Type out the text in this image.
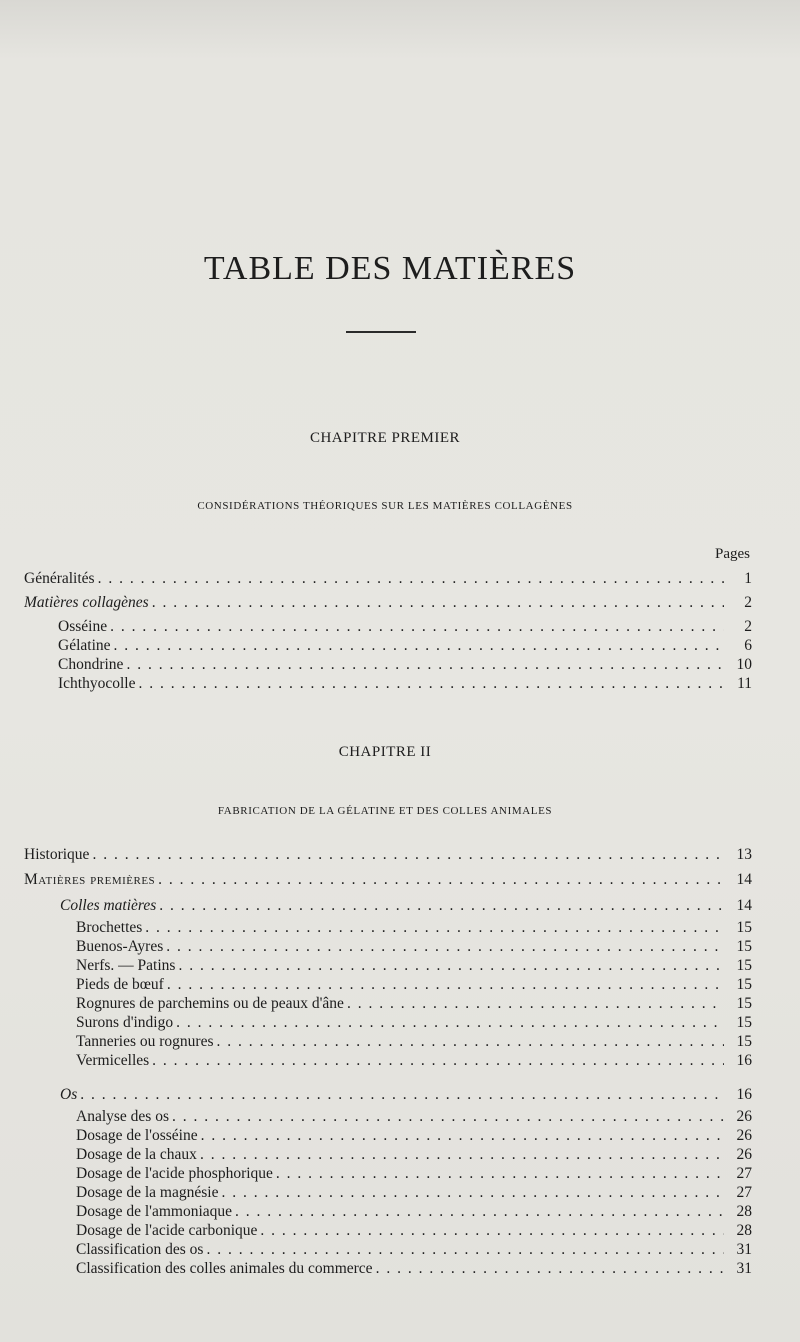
TABLE DES MATIÈRES
CHAPITRE PREMIER
CONSIDÉRATIONS THÉORIQUES SUR LES MATIÈRES COLLAGÈNES
Pages
Généralités . . .	1
Matières collagènes . . .	2
Osséine . . .	2
Gélatine . . .	6
Chondrine . . .	10
Ichthyocolle . . .	11
CHAPITRE II
FABRICATION DE LA GÉLATINE ET DES COLLES ANIMALES
Historique . . .	13
Matières premières . . .	14
Colles matières . . .	14
Brochettes . . .	15
Buenos-Ayres . . .	15
Nerfs. — Patins . . .	15
Pieds de bœuf . . .	15
Rognures de parchemins ou de peaux d'âne . . .	15
Surons d'indigo . . .	15
Tanneries ou rognures . . .	15
Vermicelles . . .	16
Os . . .	16
Analyse des os . . .	26
Dosage de l'osséine . . .	26
Dosage de la chaux . . .	26
Dosage de l'acide phosphorique . . .	27
Dosage de la magnésie . . .	27
Dosage de l'ammoniaque . . .	28
Dosage de l'acide carbonique . . .	28
Classification des os . . .	31
Classification des colles animales du commerce . . .	31
